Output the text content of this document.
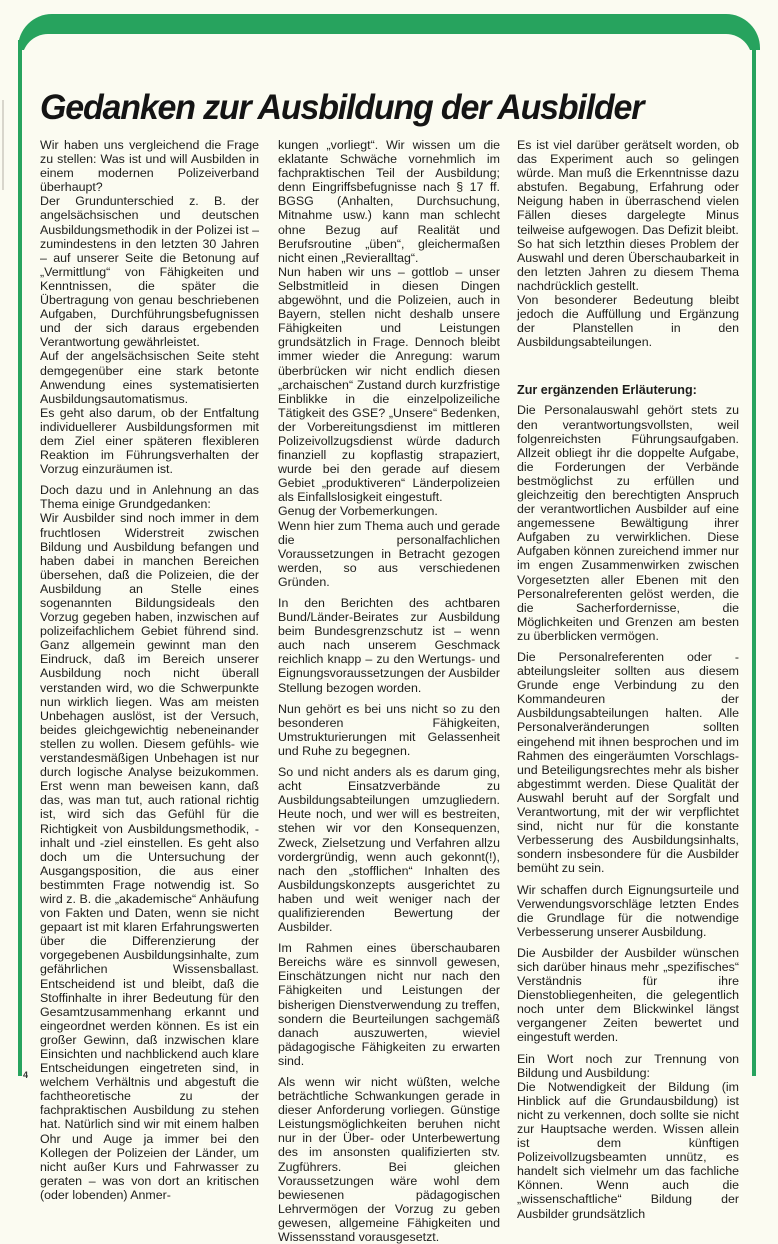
Gedanken zur Ausbildung der Ausbilder

Wir haben uns vergleichend die Frage zu stellen: Was ist und will Ausbilden in einem modernen Polizeiverband überhaupt?

Der Grundunterschied z. B. der angelsächsischen und deutschen Ausbildungsmethodik in der Polizei ist – zumindestens in den letzten 30 Jahren – auf unserer Seite die Betonung auf „Vermittlung“ von Fähigkeiten und Kenntnissen, die später die Übertragung von genau beschriebenen Aufgaben, Durchführungsbefugnissen und der sich daraus ergebenden Verantwortung gewährleistet.

Auf der angelsächsischen Seite steht demgegenüber eine stark betonte Anwendung eines systematisierten Ausbildungsautomatismus.

Es geht also darum, ob der Entfaltung individuellerer Ausbildungsformen mit dem Ziel einer späteren flexibleren Reaktion im Führungsverhalten der Vorzug einzuräumen ist.

Doch dazu und in Anlehnung an das Thema einige Grundgedanken:

Wir Ausbilder sind noch immer in dem fruchtlosen Widerstreit zwischen Bildung und Ausbildung befangen und haben dabei in manchen Bereichen übersehen, daß die Polizeien, die der Ausbildung an Stelle eines sogenannten Bildungsideals den Vorzug gegeben haben, inzwischen auf polizeifachlichem Gebiet führend sind. Ganz allgemein gewinnt man den Eindruck, daß im Bereich unserer Ausbildung noch nicht überall verstanden wird, wo die Schwerpunkte nun wirklich liegen. Was am meisten Unbehagen auslöst, ist der Versuch, beides gleichgewichtig nebeneinander stellen zu wollen. Diesem gefühls- wie verstandesmäßigen Unbehagen ist nur durch logische Analyse beizukommen. Erst wenn man beweisen kann, daß das, was man tut, auch rational richtig ist, wird sich das Gefühl für die Richtigkeit von Ausbildungsmethodik, -inhalt und -ziel einstellen. Es geht also doch um die Untersuchung der Ausgangsposition, die aus einer bestimmten Frage notwendig ist. So wird z. B. die „akademische“ Anhäufung von Fakten und Daten, wenn sie nicht gepaart ist mit klaren Erfahrungswerten über die Differenzierung der vorgegebenen Ausbildungsinhalte, zum gefährlichen Wissensballast. Entscheidend ist und bleibt, daß die Stoffinhalte in ihrer Bedeutung für den Gesamtzusammenhang erkannt und eingeordnet werden können. Es ist ein großer Gewinn, daß inzwischen klare Einsichten und nachblickend auch klare Entscheidungen eingetreten sind, in welchem Verhältnis und abgestuft die fachtheoretische zu der fachpraktischen Ausbildung zu stehen hat. Natürlich sind wir mit einem halben Ohr und Auge ja immer bei den Kollegen der Polizeien der Länder, um nicht außer Kurs und Fahrwasser zu geraten – was von dort an kritischen (oder lobenden) Anmer-

kungen „vorliegt“. Wir wissen um die eklatante Schwäche vornehmlich im fachpraktischen Teil der Ausbildung; denn Eingriffsbefugnisse nach § 17 ff. BGSG (Anhalten, Durchsuchung, Mitnahme usw.) kann man schlecht ohne Bezug auf Realität und Berufsroutine „üben“, gleichermaßen nicht einen „Revieralltag“.

Nun haben wir uns – gottlob – unser Selbstmitleid in diesen Dingen abgewöhnt, und die Polizeien, auch in Bayern, stellen nicht deshalb unsere Fähigkeiten und Leistungen grundsätzlich in Frage. Dennoch bleibt immer wieder die Anregung: warum überbrücken wir nicht endlich diesen „archaischen“ Zustand durch kurzfristige Einblikke in die einzelpolizeiliche Tätigkeit des GSE? „Unsere“ Bedenken, der Vorbereitungsdienst im mittleren Polizeivollzugsdienst würde dadurch finanziell zu kopflastig strapaziert, wurde bei den gerade auf diesem Gebiet „produktiveren“ Länderpolizeien als Einfallslosigkeit eingestuft.

Genug der Vorbemerkungen.

Wenn hier zum Thema auch und gerade die personalfachlichen Voraussetzungen in Betracht gezogen werden, so aus verschiedenen Gründen.

In den Berichten des achtbaren Bund/Länder-Beirates zur Ausbildung beim Bundesgrenzschutz ist – wenn auch nach unserem Geschmack reichlich knapp – zu den Wertungs- und Eignungsvoraussetzungen der Ausbilder Stellung bezogen worden.

Nun gehört es bei uns nicht so zu den besonderen Fähigkeiten, Umstrukturierungen mit Gelassenheit und Ruhe zu begegnen.

So und nicht anders als es darum ging, acht Einsatzverbände zu Ausbildungsabteilungen umzugliedern. Heute noch, und wer will es bestreiten, stehen wir vor den Konsequenzen, Zweck, Zielsetzung und Verfahren allzu vordergründig, wenn auch gekonnt(!), nach den „stofflichen“ Inhalten des Ausbildungskonzepts ausgerichtet zu haben und weit weniger nach der qualifizierenden Bewertung der Ausbilder.

Im Rahmen eines überschaubaren Bereichs wäre es sinnvoll gewesen, Einschätzungen nicht nur nach den Fähigkeiten und Leistungen der bisherigen Dienstverwendung zu treffen, sondern die Beurteilungen sachgemäß danach auszuwerten, wieviel pädagogische Fähigkeiten zu erwarten sind.

Als wenn wir nicht wüßten, welche beträchtliche Schwankungen gerade in dieser Anforderung vorliegen. Günstige Leistungsmöglichkeiten beruhen nicht nur in der Über- oder Unterbewertung des im ansonsten qualifizierten stv. Zugführers. Bei gleichen Voraussetzungen wäre wohl dem bewiesenen pädagogischen Lehrvermögen der Vorzug zu geben gewesen, allgemeine Fähigkeiten und Wissensstand vorausgesetzt.

Es ist viel darüber gerätselt worden, ob das Experiment auch so gelingen würde. Man muß die Erkenntnisse dazu abstufen. Begabung, Erfahrung oder Neigung haben in überraschend vielen Fällen dieses dargelegte Minus teilweise aufgewogen. Das Defizit bleibt.

So hat sich letzthin dieses Problem der Auswahl und deren Überschaubarkeit in den letzten Jahren zu diesem Thema nachdrücklich gestellt.

Von besonderer Bedeutung bleibt jedoch die Auffüllung und Ergänzung der Planstellen in den Ausbildungsabteilungen.

Zur ergänzenden Erläuterung:

Die Personalauswahl gehört stets zu den verantwortungsvollsten, weil folgenreichsten Führungsaufgaben. Allzeit obliegt ihr die doppelte Aufgabe, die Forderungen der Verbände bestmöglichst zu erfüllen und gleichzeitig den berechtigten Anspruch der verantwortlichen Ausbilder auf eine angemessene Bewältigung ihrer Aufgaben zu verwirklichen. Diese Aufgaben können zureichend immer nur im engen Zusammenwirken zwischen Vorgesetzten aller Ebenen mit den Personalreferenten gelöst werden, die die Sacherfordernisse, die Möglichkeiten und Grenzen am besten zu überblicken vermögen.

Die Personalreferenten oder -abteilungsleiter sollten aus diesem Grunde enge Verbindung zu den Kommandeuren der Ausbildungsabteilungen halten. Alle Personalveränderungen sollten eingehend mit ihnen besprochen und im Rahmen des eingeräumten Vorschlags- und Beteiligungsrechtes mehr als bisher abgestimmt werden. Diese Qualität der Auswahl beruht auf der Sorgfalt und Verantwortung, mit der wir verpflichtet sind, nicht nur für die konstante Verbesserung des Ausbildungsinhalts, sondern insbesondere für die Ausbilder bemüht zu sein.

Wir schaffen durch Eignungsurteile und Verwendungsvorschläge letzten Endes die Grundlage für die notwendige Verbesserung unserer Ausbildung.

Die Ausbilder der Ausbilder wünschen sich darüber hinaus mehr „spezifisches“ Verständnis für ihre Dienstobliegenheiten, die gelegentlich noch unter dem Blickwinkel längst vergangener Zeiten bewertet und eingestuft werden.

Ein Wort noch zur Trennung von Bildung und Ausbildung:

Die Notwendigkeit der Bildung (im Hinblick auf die Grundausbildung) ist nicht zu verkennen, doch sollte sie nicht zur Hauptsache werden. Wissen allein ist dem künftigen Polizeivollzugsbeamten unnütz, es handelt sich vielmehr um das fachliche Können. Wenn auch die „wissenschaftliche“ Bildung der Ausbilder grundsätzlich

4
